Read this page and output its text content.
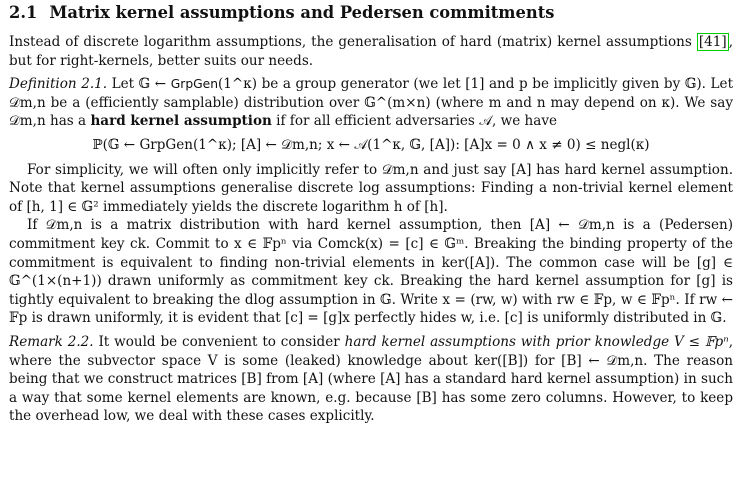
2.1 Matrix kernel assumptions and Pedersen commitments

Instead of discrete logarithm assumptions, the generalisation of hard (matrix) kernel assumptions [41] , but for right-kernels, better suits our needs.

Definition 2.1. Let 𝔾 ← GrpGen(1^κ) be a group generator (we let [1] and p be implicitly given by 𝔾). Let 𝒟m,n be a (efficiently samplable) distribution over 𝔾^(m×n) (where m and n may depend on κ). We say 𝒟m,n has a hard kernel assumption if for all efficient adversaries 𝒜, we have

ℙ(𝔾 ← GrpGen(1^κ); [A] ← 𝒟m,n; x ← 𝒜(1^κ, 𝔾, [A]): [A]x = 0 ∧ x ≠ 0) ≤ negl(κ)

For simplicity, we will often only implicitly refer to 𝒟m,n and just say [A] has hard kernel assumption. Note that kernel assumptions generalise discrete log assumptions: Finding a non-trivial kernel element of [h, 1] ∈ 𝔾² immediately yields the discrete logarithm h of [h].

If 𝒟m,n is a matrix distribution with hard kernel assumption, then [A] ← 𝒟m,n is a (Pedersen) commitment key ck. Commit to x ∈ 𝔽pⁿ via Comck(x) = [c] ∈ 𝔾ᵐ. Breaking the binding property of the commitment is equivalent to finding non-trivial elements in ker([A]). The common case will be [g] ∈ 𝔾^(1×(n+1)) drawn uniformly as commitment key ck. Breaking the hard kernel assumption for [g] is tightly equivalent to breaking the dlog assumption in 𝔾. Write x = (rw, w) with rw ∈ 𝔽p, w ∈ 𝔽pⁿ. If rw ← 𝔽p is drawn uniformly, it is evident that [c] = [g]x perfectly hides w, i.e. [c] is uniformly distributed in 𝔾.

Remark 2.2. It would be convenient to consider hard kernel assumptions with prior knowledge V ≤ 𝔽pⁿ, where the subvector space V is some (leaked) knowledge about ker([B]) for [B] ← 𝒟m,n. The reason being that we construct matrices [B] from [A] (where [A] has a standard hard kernel assumption) in such a way that some kernel elements are known, e.g. because [B] has some zero columns. However, to keep the overhead low, we deal with these cases explicitly.
